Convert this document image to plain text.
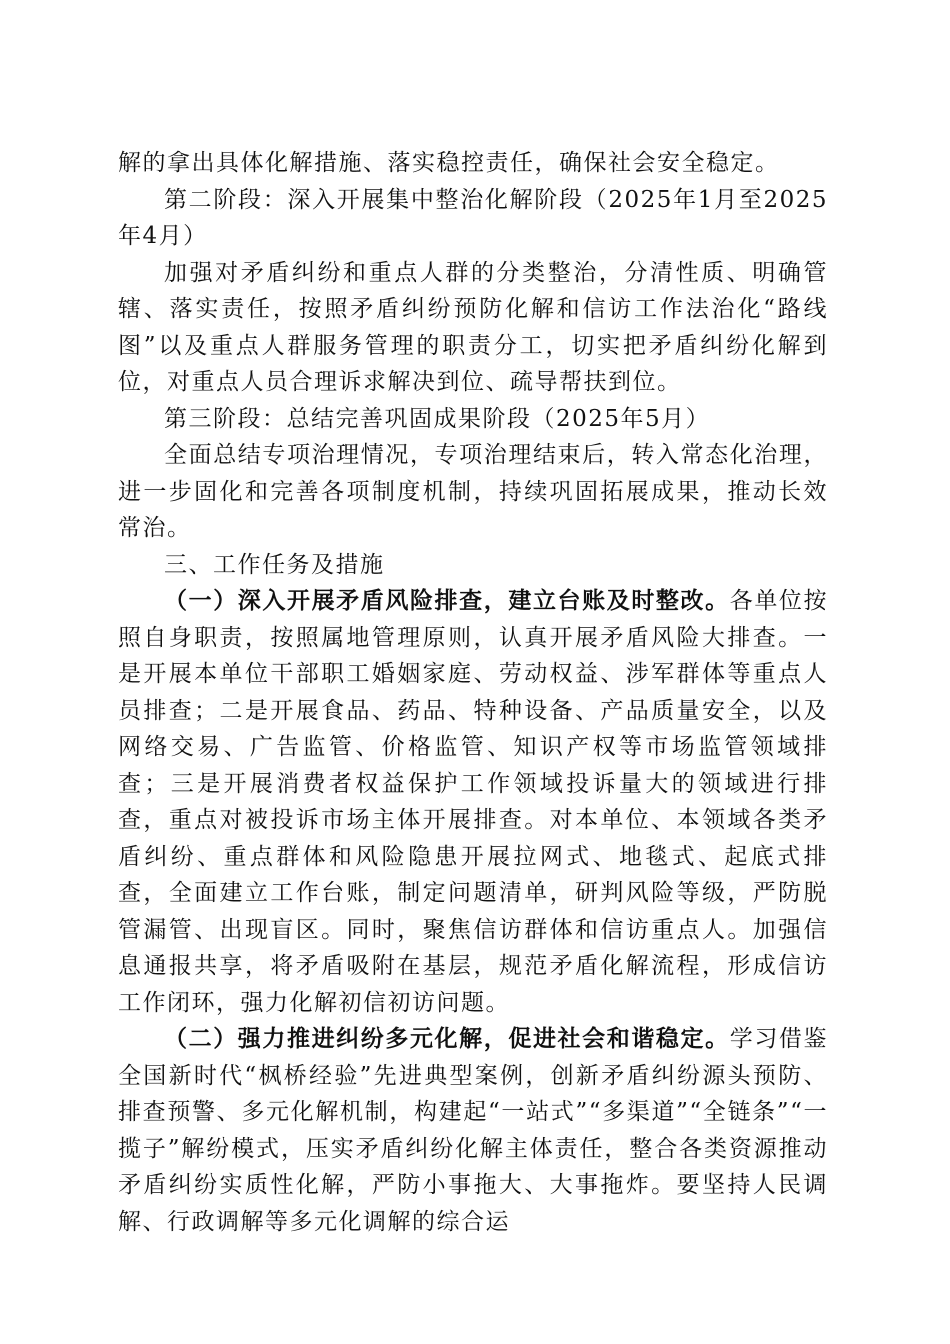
解的拿出具体化解措施、落实稳控责任，确保社会安全稳定。

第二阶段：深入开展集中整治化解阶段（2025年1月至2025年4月）

加强对矛盾纠纷和重点人群的分类整治，分清性质、明确管辖、落实责任，按照矛盾纠纷预防化解和信访工作法治化“路线图”以及重点人群服务管理的职责分工，切实把矛盾纠纷化解到位，对重点人员合理诉求解决到位、疏导帮扶到位。

第三阶段：总结完善巩固成果阶段（2025年5月）

全面总结专项治理情况，专项治理结束后，转入常态化治理，进一步固化和完善各项制度机制，持续巩固拓展成果，推动长效常治。

三、工作任务及措施

（一）深入开展矛盾风险排查，建立台账及时整改。各单位按照自身职责，按照属地管理原则，认真开展矛盾风险大排查。一是开展本单位干部职工婚姻家庭、劳动权益、涉军群体等重点人员排查；二是开展食品、药品、特种设备、产品质量安全，以及网络交易、广告监管、价格监管、知识产权等市场监管领域排查；三是开展消费者权益保护工作领域投诉量大的领域进行排查，重点对被投诉市场主体开展排查。对本单位、本领域各类矛盾纠纷、重点群体和风险隐患开展拉网式、地毯式、起底式排查，全面建立工作台账，制定问题清单，研判风险等级，严防脱管漏管、出现盲区。同时，聚焦信访群体和信访重点人。加强信息通报共享，将矛盾吸附在基层，规范矛盾化解流程，形成信访工作闭环，强力化解初信初访问题。

（二）强力推进纠纷多元化解，促进社会和谐稳定。学习借鉴全国新时代“枫桥经验”先进典型案例，创新矛盾纠纷源头预防、排查预警、多元化解机制，构建起“一站式”“多渠道”“全链条”“一揽子”解纷模式，压实矛盾纠纷化解主体责任，整合各类资源推动矛盾纠纷实质性化解，严防小事拖大、大事拖炸。要坚持人民调解、行政调解等多元化调解的综合运
